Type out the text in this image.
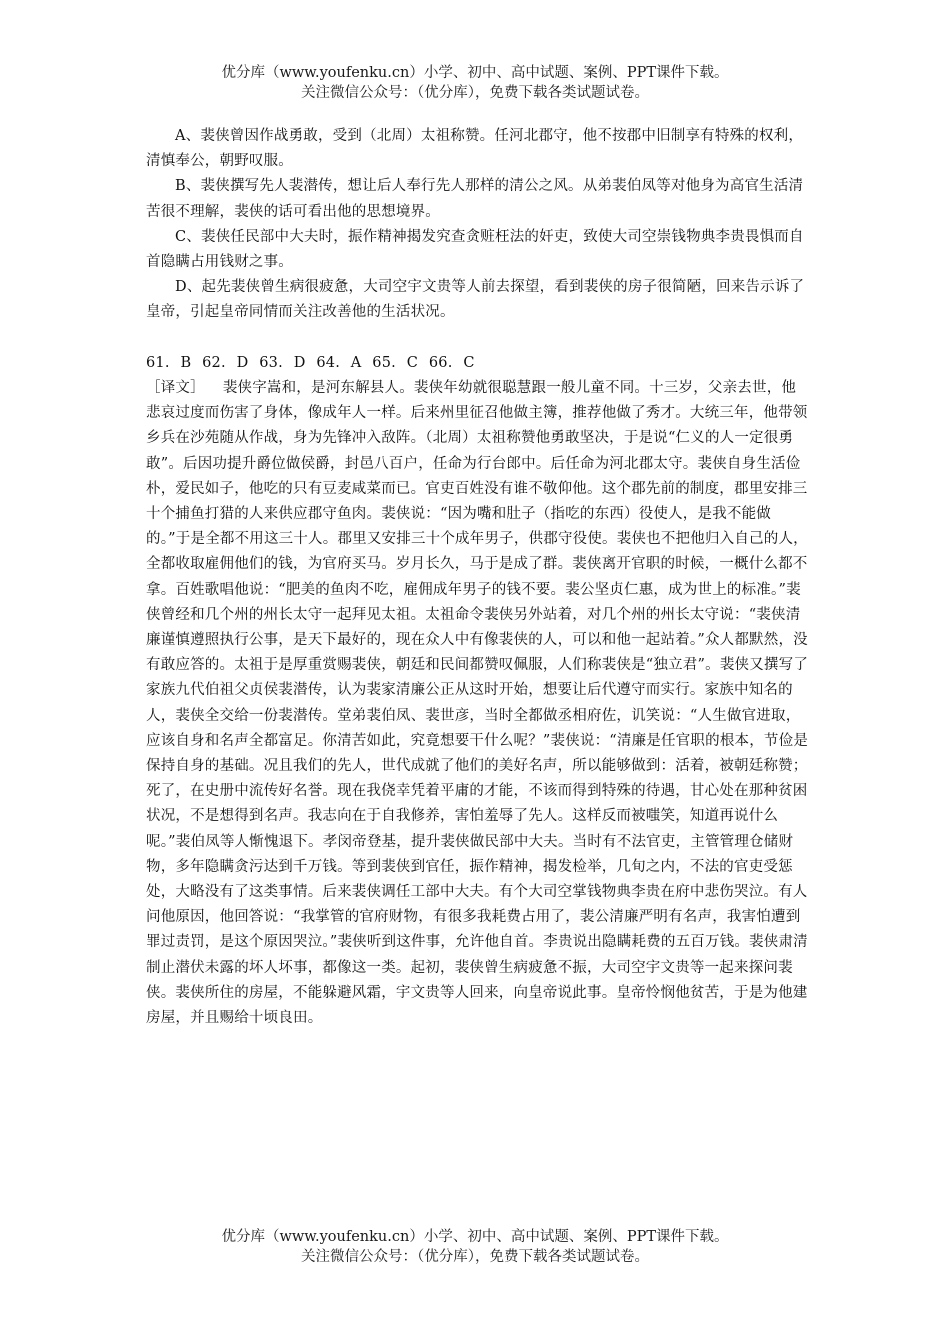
优分库（www.youfenku.cn）小学、初中、高中试题、案例、PPT课件下载。
关注微信公众号：（优分库），免费下载各类试题试卷。

A、裴侠曾因作战勇敢，受到（北周）太祖称赞。任河北郡守，他不按郡中旧制享有特殊的权利，清慎奉公，朝野叹服。

B、裴侠撰写先人裴潜传，想让后人奉行先人那样的清公之风。从弟裴伯凤等对他身为高官生活清苦很不理解，裴侠的话可看出他的思想境界。

C、裴侠任民部中大夫时，振作精神揭发究查贪赃枉法的奸吏，致使大司空崇钱物典李贵畏惧而自首隐瞒占用钱财之事。

D、起先裴侠曾生病很疲惫，大司空宇文贵等人前去探望，看到裴侠的房子很简陋，回来告示诉了皇帝，引起皇帝同情而关注改善他的生活状况。

61. B 62. D 63. D 64. A 65. C 66. C

［译文］ 裴侠字嵩和，是河东解县人。裴侠年幼就很聪慧跟一般儿童不同。十三岁，父亲去世，他悲哀过度而伤害了身体，像成年人一样。后来州里征召他做主簿，推荐他做了秀才。大统三年，他带领乡兵在沙苑随从作战，身为先锋冲入敌阵。（北周）太祖称赞他勇敢坚决，于是说“仁义的人一定很勇敢”。后因功提升爵位做侯爵，封邑八百户，任命为行台郎中。后任命为河北郡太守。裴侠自身生活俭朴，爱民如子，他吃的只有豆麦咸菜而已。官吏百姓没有谁不敬仰他。这个郡先前的制度，郡里安排三十个捕鱼打猎的人来供应郡守鱼肉。裴侠说：“因为嘴和肚子（指吃的东西）役使人，是我不能做的。”于是全都不用这三十人。郡里又安排三十个成年男子，供郡守役使。裴侠也不把他归入自己的人，全都收取雇佣他们的钱，为官府买马。岁月长久，马于是成了群。裴侠离开官职的时候，一概什么都不拿。百姓歌唱他说：“肥美的鱼肉不吃，雇佣成年男子的钱不要。裴公坚贞仁惠，成为世上的标准。”裴侠曾经和几个州的州长太守一起拜见太祖。太祖命令裴侠另外站着，对几个州的州长太守说：“裴侠清廉谨慎遵照执行公事，是天下最好的，现在众人中有像裴侠的人，可以和他一起站着。”众人都默然，没有敢应答的。太祖于是厚重赏赐裴侠，朝廷和民间都赞叹佩服，人们称裴侠是“独立君”。裴侠又撰写了家族九代伯祖父贞侯裴潜传，认为裴家清廉公正从这时开始，想要让后代遵守而实行。家族中知名的人，裴侠全交给一份裴潜传。堂弟裴伯凤、裴世彦，当时全都做丞相府佐，讥笑说：“人生做官进取，应该自身和名声全都富足。你清苦如此，究竟想要干什么呢？”裴侠说：“清廉是任官职的根本，节俭是保持自身的基础。况且我们的先人，世代成就了他们的美好名声，所以能够做到：活着，被朝廷称赞；死了，在史册中流传好名誉。现在我侥幸凭着平庸的才能，不该而得到特殊的待遇，甘心处在那种贫困状况，不是想得到名声。我志向在于自我修养，害怕羞辱了先人。这样反而被嗤笑，知道再说什么呢。”裴伯凤等人惭愧退下。孝闵帝登基，提升裴侠做民部中大夫。当时有不法官吏，主管管理仓储财物，多年隐瞒贪污达到千万钱。等到裴侠到官任，振作精神，揭发检举，几旬之内，不法的官吏受惩处，大略没有了这类事情。后来裴侠调任工部中大夫。有个大司空掌钱物典李贵在府中悲伤哭泣。有人问他原因，他回答说：“我掌管的官府财物，有很多我耗费占用了，裴公清廉严明有名声，我害怕遭到罪过责罚，是这个原因哭泣。”裴侠听到这件事，允许他自首。李贵说出隐瞒耗费的五百万钱。裴侠肃清制止潜伏未露的坏人坏事，都像这一类。起初，裴侠曾生病疲惫不振，大司空宇文贵等一起来探问裴侠。裴侠所住的房屋，不能躲避风霜，宇文贵等人回来，向皇帝说此事。皇帝怜悯他贫苦，于是为他建房屋，并且赐给十顷良田。

优分库（www.youfenku.cn）小学、初中、高中试题、案例、PPT课件下载。
关注微信公众号：（优分库），免费下载各类试题试卷。
